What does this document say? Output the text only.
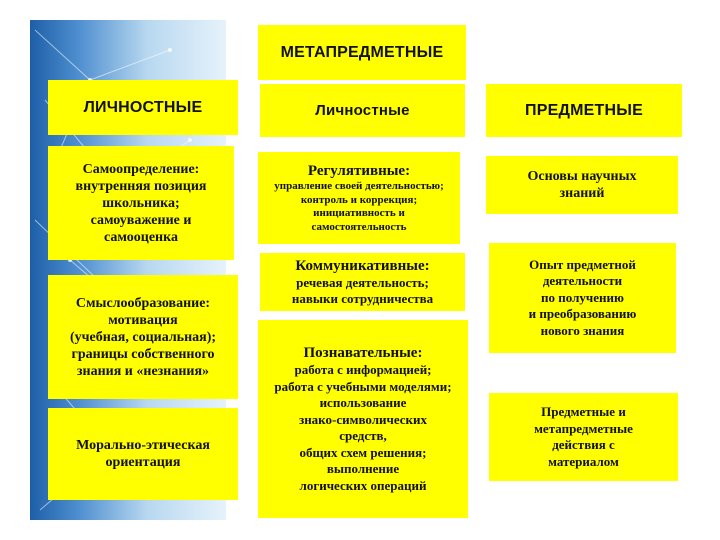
МЕТАПРЕДМЕТНЫЕ
ЛИЧНОСТНЫЕ	Личностные	ПРЕДМЕТНЫЕ
Самоопределение:
внутренняя позиция
школьника;
самоуважение и
самооценка
Смыслообразование:
мотивация
(учебная, социальная);
границы собственного
знания и «незнания»
Морально-этическая
ориентация
Регулятивные:
управление своей деятельностью;
контроль и коррекция;
инициативность и
самостоятельность
Коммуникативные:
речевая деятельность;
навыки сотрудничества
Познавательные:
работа с информацией;
работа с учебными моделями;
использование
знако-символических
средств,
общих схем решения;
выполнение
логических операций
Основы научных
знаний
Опыт предметной
деятельности
по получению
и преобразованию
нового знания
Предметные и
метапредметные
действия с
материалом
